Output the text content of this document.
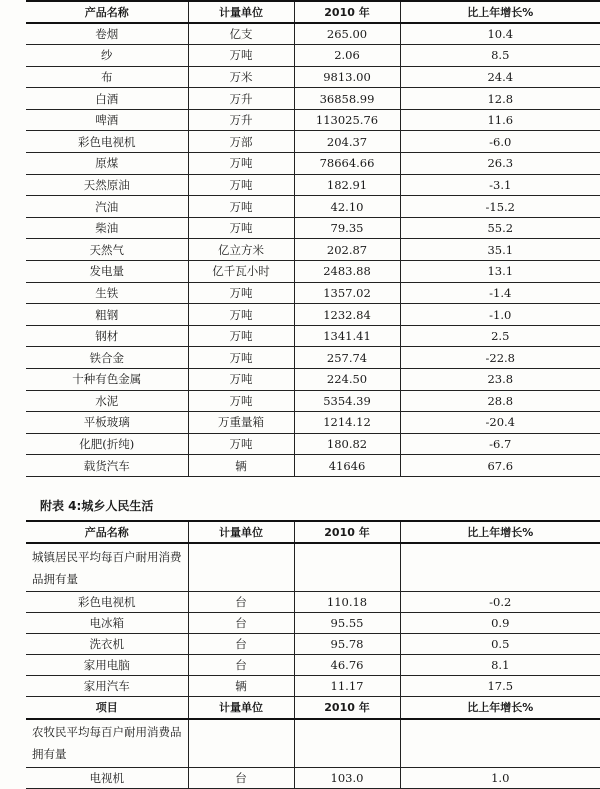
产品名称	计量单位	2010 年	比上年增长%
卷烟	亿支	265.00	10.4
纱	万吨	2.06	8.5
布	万米	9813.00	24.4
白酒	万升	36858.99	12.8
啤酒	万升	113025.76	11.6
彩色电视机	万部	204.37	-6.0
原煤	万吨	78664.66	26.3
天然原油	万吨	182.91	-3.1
汽油	万吨	42.10	-15.2
柴油	万吨	79.35	55.2
天然气	亿立方米	202.87	35.1
发电量	亿千瓦小时	2483.88	13.1
生铁	万吨	1357.02	-1.4
粗钢	万吨	1232.84	-1.0
钢材	万吨	1341.41	2.5
铁合金	万吨	257.74	-22.8
十种有色金属	万吨	224.50	23.8
水泥	万吨	5354.39	28.8
平板玻璃	万重量箱	1214.12	-20.4
化肥(折纯)	万吨	180.82	-6.7
载货汽车	辆	41646	67.6
附表 4:城乡人民生活
产品名称	计量单位	2010 年	比上年增长%
城镇居民平均每百户耐用消费品拥有量			
彩色电视机	台	110.18	-0.2
电冰箱	台	95.55	0.9
洗衣机	台	95.78	0.5
家用电脑	台	46.76	8.1
家用汽车	辆	11.17	17.5
项目	计量单位	2010 年	比上年增长%
农牧民平均每百户耐用消费品拥有量			
电视机	台	103.0	1.0
